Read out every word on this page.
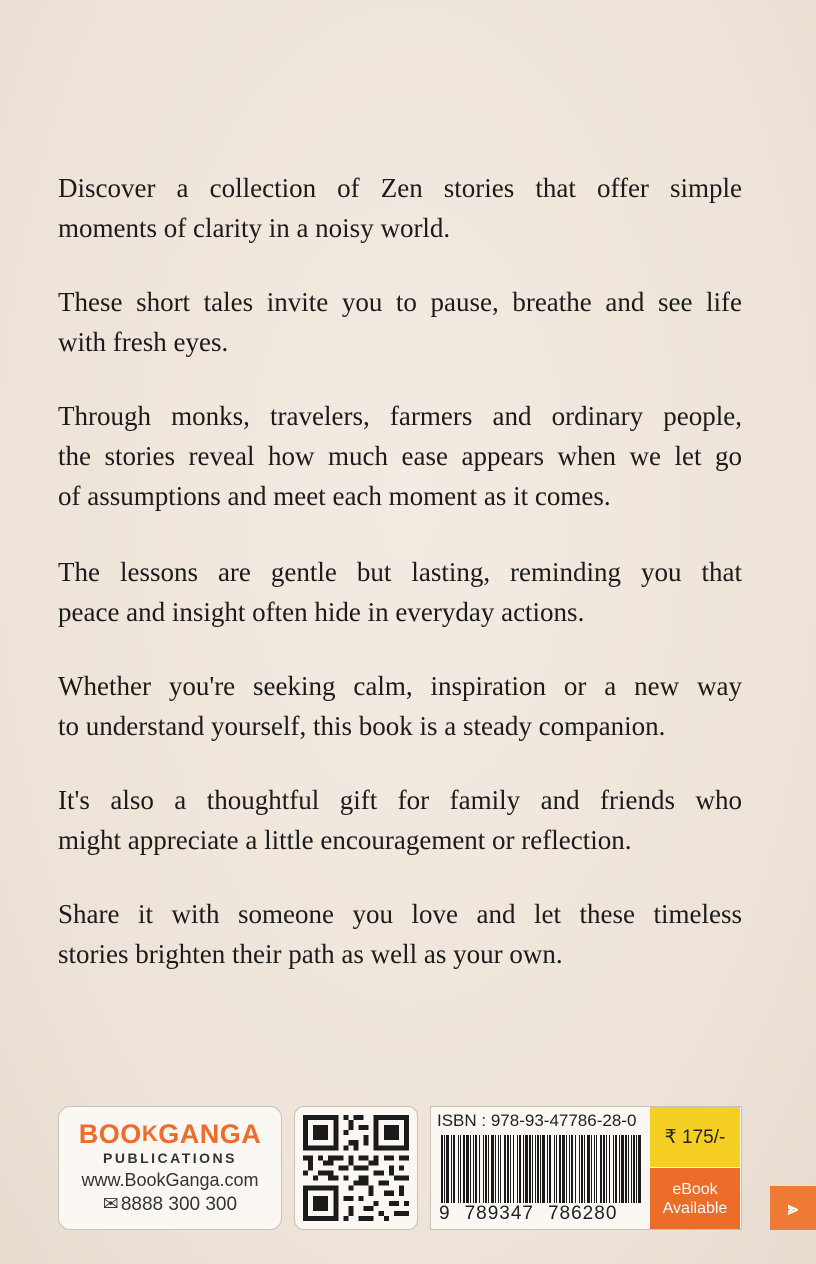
Discover a collection of Zen stories that offer simple
moments of clarity in a noisy world.

These short tales invite you to pause, breathe and see life
with fresh eyes.

Through monks, travelers, farmers and ordinary people,
the stories reveal how much ease appears when we let go
of assumptions and meet each moment as it comes.

The lessons are gentle but lasting, reminding you that
peace and insight often hide in everyday actions.

Whether you're seeking calm, inspiration or a new way
to understand yourself, this book is a steady companion.

It's also a thoughtful gift for family and friends who
might appreciate a little encouragement or reflection.

Share it with someone you love and let these timeless
stories brighten their path as well as your own.

BOOKGANGA
PUBLICATIONS
www.BookGanga.com
✉ 8888 300 300
ISBN : 978-93-47786-28-0
9 789347 786280
₹ 175/-
eBook
Available	⪢
